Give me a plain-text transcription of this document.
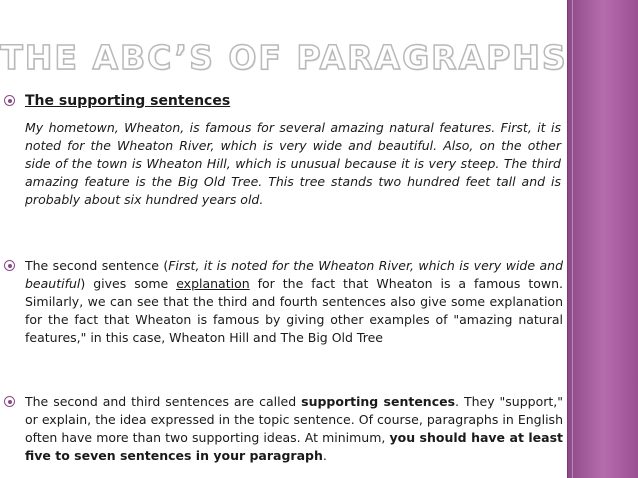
THE ABC’S OF PARAGRAPHS

The supporting sentences

My hometown, Wheaton, is famous for several amazing natural features. First, it is noted for the Wheaton River, which is very wide and beautiful. Also, on the other side of the town is Wheaton Hill, which is unusual because it is very steep. The third amazing feature is the Big Old Tree. This tree stands two hundred feet tall and is probably about six hundred years old.

The second sentence (First, it is noted for the Wheaton River, which is very wide and beautiful) gives some explanation for the fact that Wheaton is a famous town. Similarly, we can see that the third and fourth sentences also give some explanation for the fact that Wheaton is famous by giving other examples of "amazing natural features," in this case, Wheaton Hill and The Big Old Tree

The second and third sentences are called supporting sentences. They "support," or explain, the idea expressed in the topic sentence. Of course, paragraphs in English often have more than two supporting ideas. At minimum, you should have at least five to seven sentences in your paragraph.
